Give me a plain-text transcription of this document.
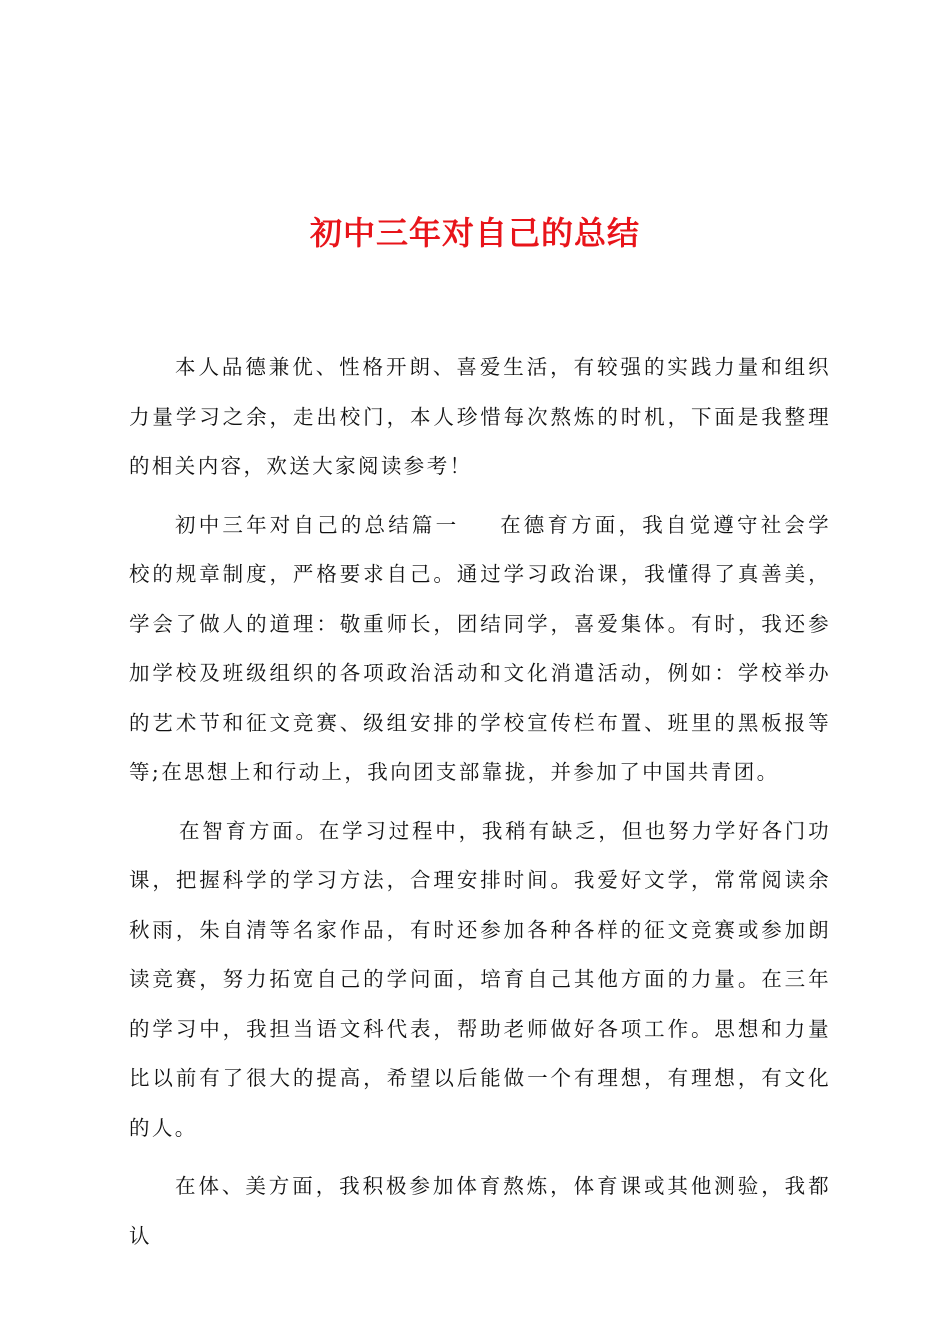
初中三年对自己的总结

本人品德兼优、性格开朗、喜爱生活，有较强的实践力量和组织力量学习之余，走出校门，本人珍惜每次熬炼的时机，下面是我整理的相关内容，欢送大家阅读参考！

初中三年对自己的总结篇一 在德育方面，我自觉遵守社会学校的规章制度，严格要求自己。通过学习政治课，我懂得了真善美，学会了做人的道理：敬重师长，团结同学，喜爱集体。有时，我还参加学校及班级组织的各项政治活动和文化消遣活动，例如：学校举办的艺术节和征文竞赛、级组安排的学校宣传栏布置、班里的黑板报等等;在思想上和行动上，我向团支部靠拢，并参加了中国共青团。

在智育方面。在学习过程中，我稍有缺乏，但也努力学好各门功课，把握科学的学习方法，合理安排时间。我爱好文学，常常阅读余秋雨，朱自清等名家作品，有时还参加各种各样的征文竞赛或参加朗读竞赛，努力拓宽自己的学问面，培育自己其他方面的力量。在三年的学习中，我担当语文科代表，帮助老师做好各项工作。思想和力量比以前有了很大的提高，希望以后能做一个有理想，有理想，有文化的人。

在体、美方面，我积极参加体育熬炼，体育课或其他测验，我都认
